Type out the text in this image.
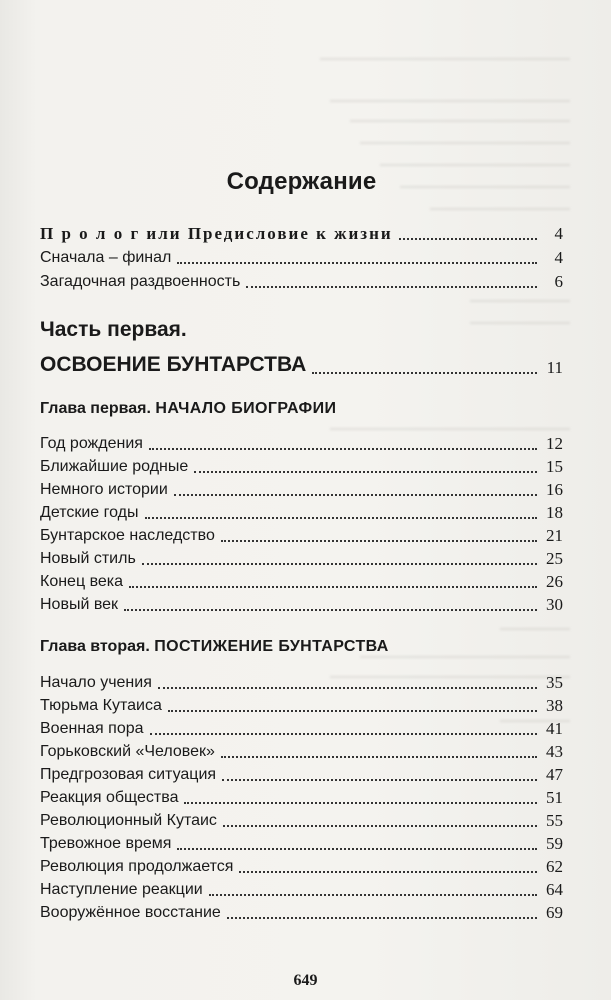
Содержание
П р о л о г или Предисловие к жизни	4
Сначала – финал	4
Загадочная раздвоенность	6
Часть первая.
ОСВОЕНИЕ БУНТАРСТВА	11
Глава первая. НАЧАЛО БИОГРАФИИ
Год рождения	12
Ближайшие родные	15
Немного истории	16
Детские годы	18
Бунтарское наследство	21
Новый стиль	25
Конец века	26
Новый век	30
Глава вторая. ПОСТИЖЕНИЕ БУНТАРСТВА
Начало учения	35
Тюрьма Кутаиса	38
Военная пора	41
Горьковский «Человек»	43
Предгрозовая ситуация	47
Реакция общества	51
Революционный Кутаис	55
Тревожное время	59
Революция продолжается	62
Наступление реакции	64
Вооружённое восстание	69
649
